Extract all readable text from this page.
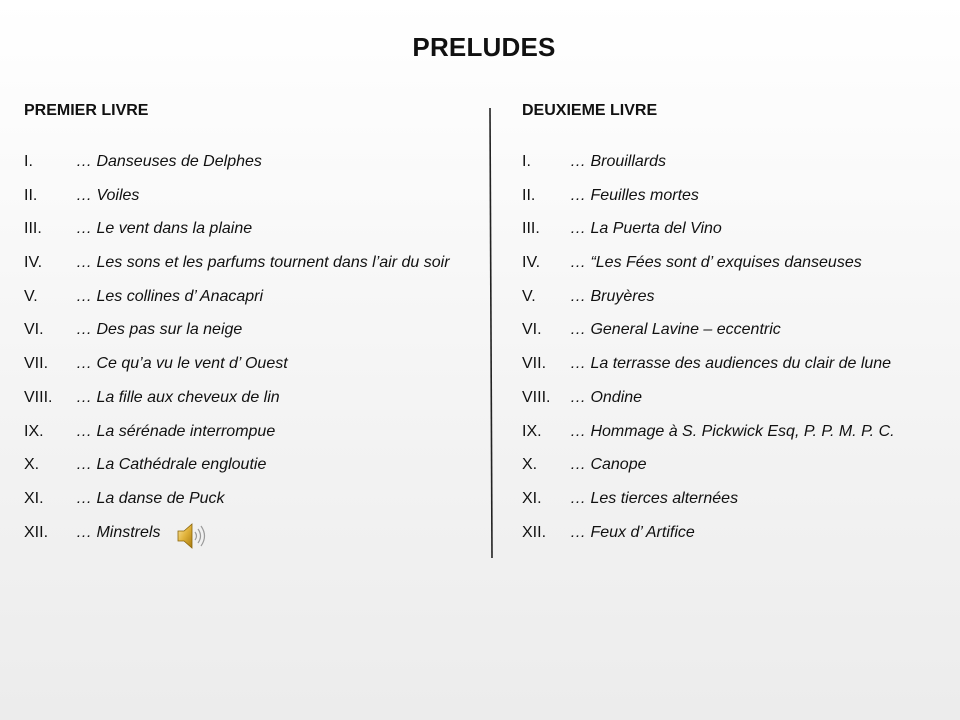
PRELUDES
PREMIER LIVRE
I.	… Danseuses de Delphes
II. … Voiles
III. … Le vent dans la plaine
IV. … Les sons et les parfums tournent dans l’air du soir
V. … Les collines d’ Anacapri
VI. … Des pas sur la neige
VII. … Ce qu’a vu le vent d’ Ouest
VIII. … La fille aux cheveux de lin
IX. … La sérénade interrompue
X. … La Cathédrale engloutie
XI. … La danse de Puck
XII. … Minstrels
DEUXIEME LIVRE
I. … Brouillards
II. … Feuilles mortes
III. … La Puerta del Vino
IV. … “Les Fées sont d’ exquises danseuses
V. … Bruyères
VI. … General Lavine – eccentric
VII. … La terrasse des audiences du clair de lune
VIII. … Ondine
IX. … Hommage à S. Pickwick Esq, P. P. M. P. C.
X. … Canope
XI. … Les tierces alternées
XII. … Feux d’ Artifice
